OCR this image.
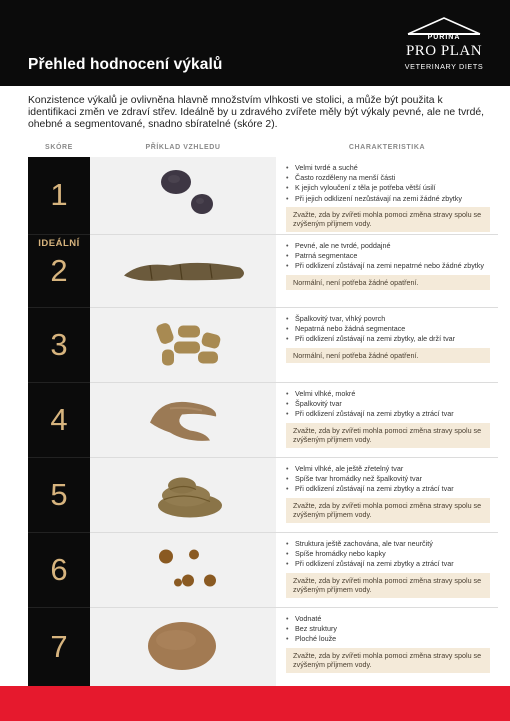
Přehled hodnocení výkalů
PURINA
PRO PLAN
VETERINARY DIETS
Konzistence výkalů je ovlivněna hlavně množstvím vlhkosti ve stolici, a může být použita k identifikaci změn ve zdraví střev. Ideálně by u zdravého zvířete měly být výkaly pevné, ale ne tvrdé, ohebné a segmentované, snadno sbíratelné (skóre 2).
SKÓRE	PŘÍKLAD VZHLEDU	CHARAKTERISTIKA
1
• Velmi tvrdé a suché
• Často rozděleny na menší části
• K jejich vyloučení z těla je potřeba větší úsilí
• Při jejich odklizení nezůstávají na zemi žádné zbytky
Zvažte, zda by zvířeti mohla pomoci změna stravy spolu se zvýšeným příjmem vody.
IDEÁLNÍ
2
• Pevné, ale ne tvrdé, poddajné
• Patrná segmentace
• Při odklizení zůstávají na zemi nepatrné nebo žádné zbytky
Normální, není potřeba žádné opatření.
3
• Špalkovitý tvar, vlhký povrch
• Nepatrná nebo žádná segmentace
• Při odklizení zůstávají na zemi zbytky, ale drží tvar
Normální, není potřeba žádné opatření.
4
• Velmi vlhké, mokré
• Špalkovitý tvar
• Při odklizení zůstávají na zemi zbytky a ztrácí tvar
Zvažte, zda by zvířeti mohla pomoci změna stravy spolu se zvýšeným příjmem vody.
5
• Velmi vlhké, ale ještě zřetelný tvar
• Spíše tvar hromádky než špalkovitý tvar
• Při odklizení zůstávají na zemi zbytky a ztrácí tvar
Zvažte, zda by zvířeti mohla pomoci změna stravy spolu se zvýšeným příjmem vody.
6
• Struktura ještě zachována, ale tvar neurčitý
• Spíše hromádky nebo kapky
• Při odklizení zůstávají na zemi zbytky a ztrácí tvar
Zvažte, zda by zvířeti mohla pomoci změna stravy spolu se zvýšeným příjmem vody.
7
• Vodnaté
• Bez struktury
• Ploché louže
Zvažte, zda by zvířeti mohla pomoci změna stravy spolu se zvýšeným příjmem vody.
